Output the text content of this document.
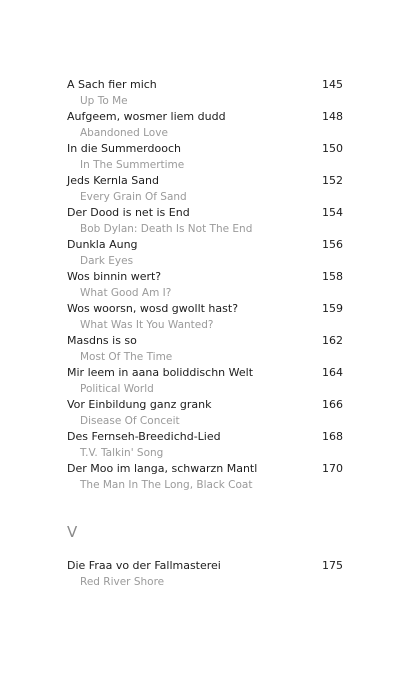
A Sach fier mich	145
Up To Me
Aufgeem, wosmer liem dudd	148
Abandoned Love
In die Summerdooch	150
In The Summertime
Jeds Kernla Sand	152
Every Grain Of Sand
Der Dood is net is End	154
Bob Dylan: Death Is Not The End
Dunkla Aung	156
Dark Eyes
Wos binnin wert?	158
What Good Am I?
Wos woorsn, wosd gwollt hast?	159
What Was It You Wanted?
Masdns is so	162
Most Of The Time
Mir leem in aana boliddischn Welt	164
Political World
Vor Einbildung ganz grank	166
Disease Of Conceit
Des Fernseh-Breedichd-Lied	168
T.V. Talkin' Song
Der Moo im langa, schwarzn Mantl	170
The Man In The Long, Black Coat
V
Die Fraa vo der Fallmasterei	175
Red River Shore
